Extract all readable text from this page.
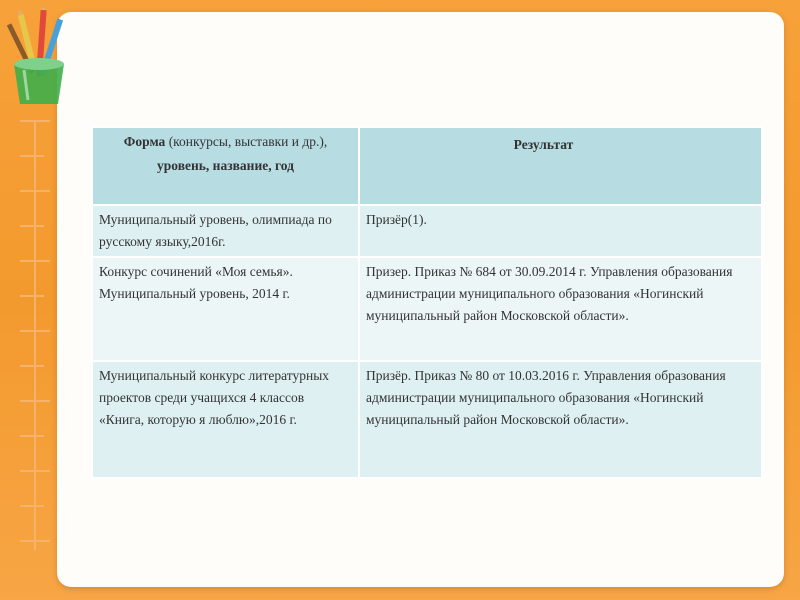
Форма (конкурсы, выставки и др.),
уровень, название, год	Результат
Муниципальный уровень, олимпиада по русскому языку,2016г.	Призёр(1).
Конкурс сочинений «Моя семья». Муниципальный уровень, 2014 г.	Призер. Приказ № 684 от 30.09.2014 г. Управления образования администрации муниципального образования «Ногинский муниципальный район Московской области».
Муниципальный конкурс литературных проектов среди учащихся 4 классов «Книга, которую я люблю»,2016 г.	Призёр. Приказ № 80 от 10.03.2016 г. Управления образования администрации муниципального образования «Ногинский муниципальный район Московской области».
